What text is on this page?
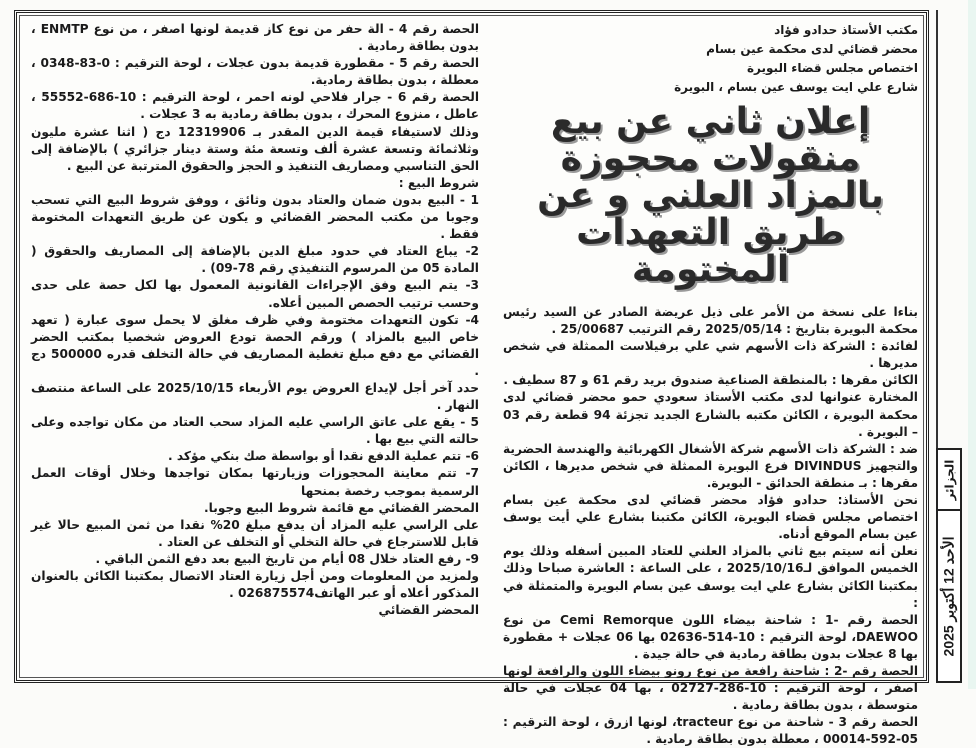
مكتب الأستاذ حدادو فؤاد
محضر قضائي لدى محكمة عين بسام
اختصاص مجلس قضاء البويرة
شارع علي ايت يوسف عين بسام ، البويرة
إعلان ثاني عن بيع منقولات محجوزة بالمزاد العلني و عن طريق التعهدات المختومة

بناءا على نسخة من الأمر على ذيل عريضة الصادر عن السيد رئيس محكمة البويرة بتاريخ : 2025/05/14 رقم الترتيب 25/00687 .

لفائدة : الشركة ذات الأسهم شي علي برفيلاست الممثلة في شخص مديرها .

الكائن مقرها : بالمنطقة الصناعية صندوق بريد رقم 61 و 87 سطيف .

المختارة عنوانها لدى مكتب الأستاذ سعودي حمو محضر قضائي لدى محكمة البويرة ، الكائن مكتبه بالشارع الجديد تجزئة 94 قطعة رقم 03 – البويرة .

ضد : الشركة ذات الأسهم شركة الأشغال الكهربائية والهندسة الحضرية والتجهيز DIVINDUS فرع البويرة الممثلة في شخص مديرها ، الكائن مقرها : بـ منطقة الحدائق - البويرة.

نحن الأستاذ: حدادو فؤاد محضر قضائي لدى محكمة عين بسام اختصاص مجلس قضاء البويرة، الكائن مكتبنا بشارع علي أيت يوسف عين بسام الموقع أدناه.

نعلن أنه سيتم بيع ثاني بالمزاد العلني للعتاد المبين أسفله وذلك يوم الخميس الموافق لـ2025/10/16 ، على الساعة : العاشرة صباحا وذلك بمكتبنا الكائن بشارع علي ايت يوسف عين بسام البويرة والمتمثلة في :

الحصة رقم -1 : شاحنة بيضاء اللون Cemi Remorque من نوع DAEWOO، لوحة الترقيم : 10-514-02636 بها 06 عجلات + مقطورة بها 8 عجلات بدون بطاقة رمادية في حالة جيدة .

الحصة رقم -2 : شاحنة رافعة من نوع رونو بيضاء اللون والرافعة لونها اصفر ، لوحة الترقيم : 10-286-02727 ، بها 04 عجلات في حالة متوسطة ، بدون بطاقة رمادية .

الحصة رقم 3 - شاحنة من نوع tracteur، لونها ازرق ، لوحة الترقيم : 05-592-00014 ، معطلة بدون بطاقة رمادية .

الحصة رقم 4 - الة حفر من نوع كاز قديمة لونها اصفر ، من نوع ENMTP ، بدون بطاقة رمادية .

الحصة رقم 5 - مقطورة قديمة بدون عجلات ، لوحة الترقيم : 0-83-0348 ، معطلة ، بدون بطاقة رمادية.

الحصة رقم 6 - جرار فلاحي لونه احمر ، لوحة الترقيم : 10-686-55552 ، عاطل ، منزوع المحرك ، بدون بطاقة رمادية به 3 عجلات .

وذلك لاستيفاء قيمة الدين المقدر بـ 12319906 دج ( اثنا عشرة مليون وثلاثمائة وتسعة عشرة ألف وتسعة مئة وستة دينار جزائري ) بالإضافة إلى الحق التناسبي ومصاريف التنفيذ و الحجز والحقوق المترتبة عن البيع .

شروط البيع :

1 - البيع بدون ضمان والعتاد بدون وثائق ، ووفق شروط البيع التي تسحب وجوبا من مكتب المحضر القضائي و يكون عن طريق التعهدات المختومة فقط .

2- يباع العتاد في حدود مبلغ الدين بالإضافة إلى المصاريف والحقوق ( المادة 05 من المرسوم التنفيذي رقم 78-09) .

3- يتم البيع وفق الإجراءات القانونية المعمول بها لكل حصة على حدى وحسب ترتيب الحصص المبين أعلاه.

4- تكون التعهدات مختومة وفي ظرف مغلق لا يحمل سوى عبارة ( تعهد خاص البيع بالمزاد ) ورقم الحصة تودع العروض شخصيا بمكتب الحضر القضائي مع دفع مبلغ تغطية المصاريف في حالة التخلف قدره 500000 دج .

حدد آخر أجل لإيداع العروض يوم الأربعاء 2025/10/15 على الساعة منتصف النهار .

5 - يقع على عاتق الراسي عليه المزاد سحب العتاد من مكان تواجده وعلى حالته التي بيع بها .

6- تتم عملية الدفع نقدا أو بواسطة صك بنكي مؤكد .

7- تتم معاينة المحجوزات وزيارتها بمكان تواجدها وخلال أوقات العمل الرسمية بموجب رخصة بمنحها

المحضر القضائي مع قائمة شروط البيع وجوبا.

على الراسي عليه المزاد أن يدفع مبلغ 20% نقدا من ثمن المبيع حالا غير قابل للاسترجاع في حالة التخلي أو التخلف عن العتاد .

9- رفع العتاد خلال 08 أيام من تاريخ البيع بعد دفع الثمن الباقي .

ولمزيد من المعلومات ومن أجل زيارة العتاد الاتصال بمكتبنا الكائن بالعنوان المذكور أعلاه أو عبر الهاتف026875574 .

المحضر القضائي

الجزائر
الأحد 12 أكتوبر 2025
